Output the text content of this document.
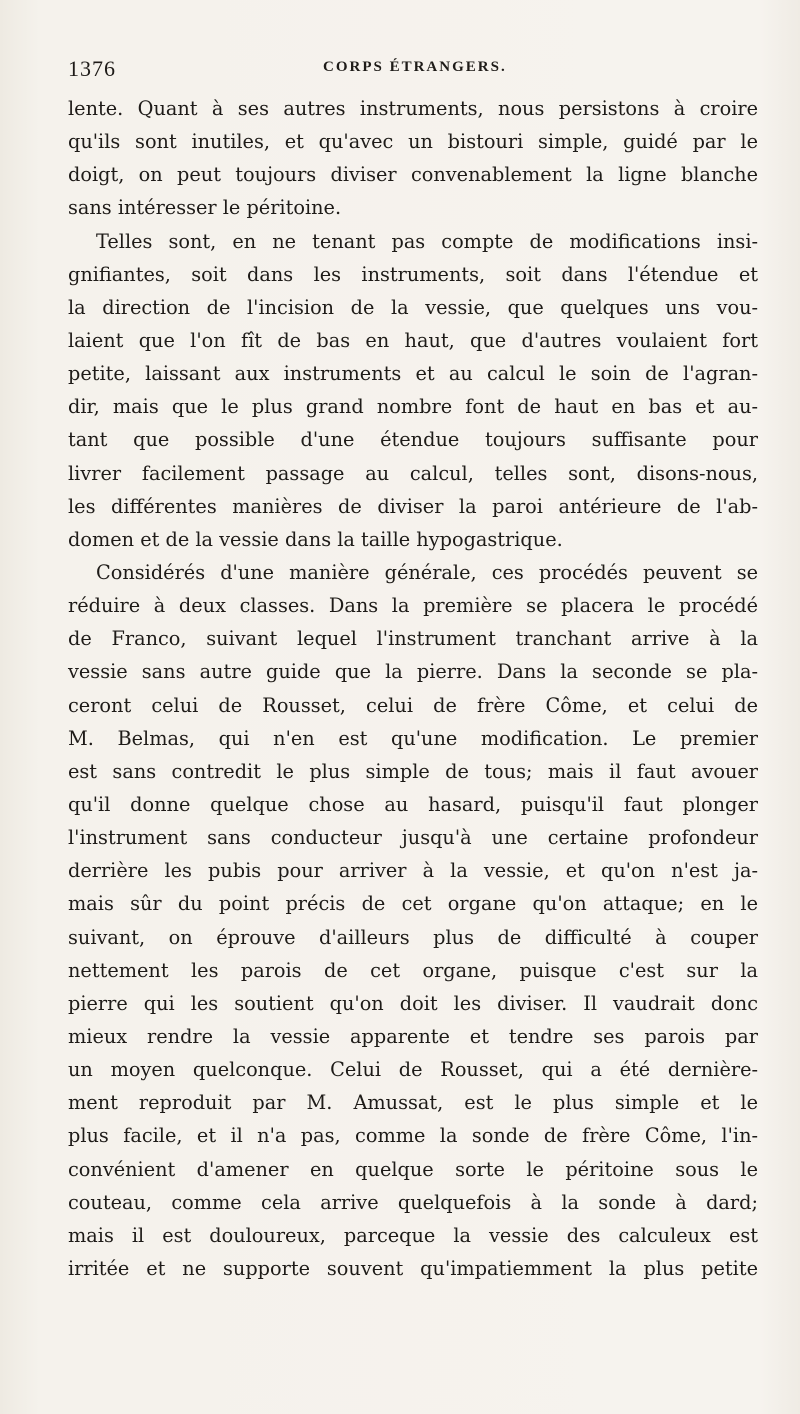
1376	CORPS ÉTRANGERS.
lente. Quant à ses autres instruments, nous persistons à croire
qu'ils sont inutiles, et qu'avec un bistouri simple, guidé par le
doigt, on peut toujours diviser convenablement la ligne blanche
sans intéresser le péritoine.
Telles sont, en ne tenant pas compte de modifications insi-
gnifiantes, soit dans les instruments, soit dans l'étendue et
la direction de l'incision de la vessie, que quelques uns vou-
laient que l'on fît de bas en haut, que d'autres voulaient fort
petite, laissant aux instruments et au calcul le soin de l'agran-
dir, mais que le plus grand nombre font de haut en bas et au-
tant que possible d'une étendue toujours suffisante pour
livrer facilement passage au calcul, telles sont, disons-nous,
les différentes manières de diviser la paroi antérieure de l'ab-
domen et de la vessie dans la taille hypogastrique.
Considérés d'une manière générale, ces procédés peuvent se
réduire à deux classes. Dans la première se placera le procédé
de Franco, suivant lequel l'instrument tranchant arrive à la
vessie sans autre guide que la pierre. Dans la seconde se pla-
ceront celui de Rousset, celui de frère Côme, et celui de
M. Belmas, qui n'en est qu'une modification. Le premier
est sans contredit le plus simple de tous; mais il faut avouer
qu'il donne quelque chose au hasard, puisqu'il faut plonger
l'instrument sans conducteur jusqu'à une certaine profondeur
derrière les pubis pour arriver à la vessie, et qu'on n'est ja-
mais sûr du point précis de cet organe qu'on attaque; en le
suivant, on éprouve d'ailleurs plus de difficulté à couper
nettement les parois de cet organe, puisque c'est sur la
pierre qui les soutient qu'on doit les diviser. Il vaudrait donc
mieux rendre la vessie apparente et tendre ses parois par
un moyen quelconque. Celui de Rousset, qui a été dernière-
ment reproduit par M. Amussat, est le plus simple et le
plus facile, et il n'a pas, comme la sonde de frère Côme, l'in-
convénient d'amener en quelque sorte le péritoine sous le
couteau, comme cela arrive quelquefois à la sonde à dard;
mais il est douloureux, parceque la vessie des calculeux est
irritée et ne supporte souvent qu'impatiemment la plus petite
